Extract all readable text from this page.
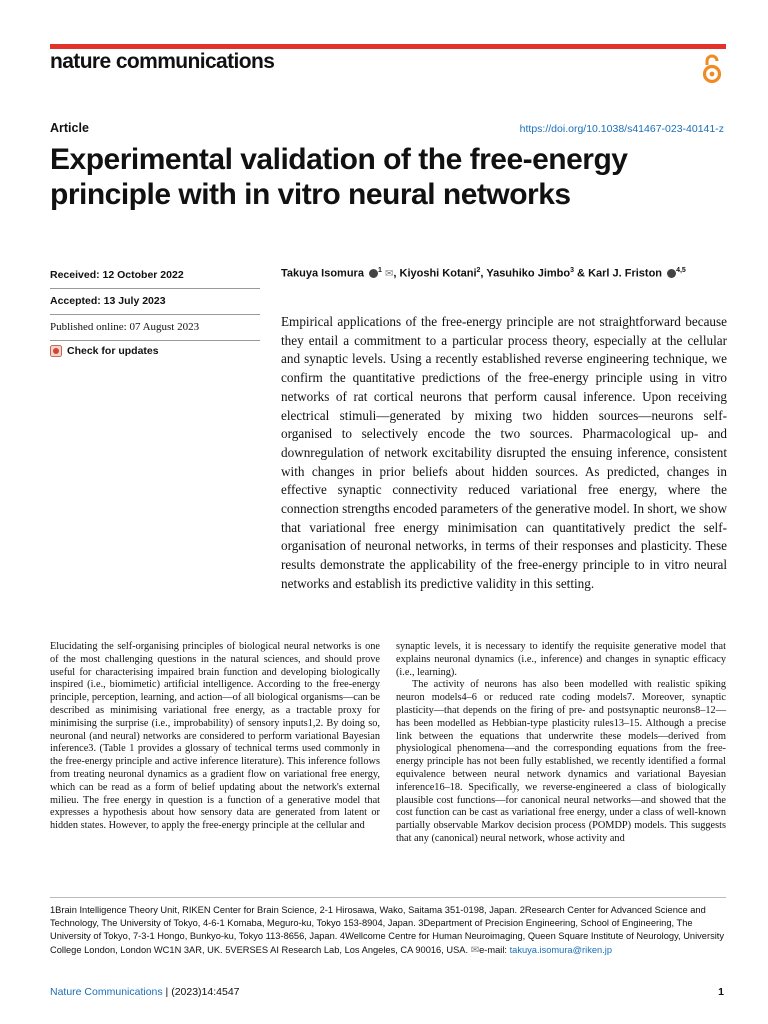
nature communications
Article	https://doi.org/10.1038/s41467-023-40141-z
Experimental validation of the free-energy principle with in vitro neural networks
Received: 12 October 2022
Accepted: 13 July 2023
Published online: 07 August 2023
Check for updates
Takuya Isomura $^1$ ✉, Kiyoshi Kotani$^2$, Yasuhiko Jimbo$^3$ & Karl J. Friston $^{4,5}$

Empirical applications of the free-energy principle are not straightforward because they entail a commitment to a particular process theory, especially at the cellular and synaptic levels. Using a recently established reverse engineering technique, we confirm the quantitative predictions of the free-energy principle using in vitro networks of rat cortical neurons that perform causal inference. Upon receiving electrical stimuli—generated by mixing two hidden sources—neurons self-organised to selectively encode the two sources. Pharmacological up- and downregulation of network excitability disrupted the ensuing inference, consistent with changes in prior beliefs about hidden sources. As predicted, changes in effective synaptic connectivity reduced variational free energy, where the connection strengths encoded parameters of the generative model. In short, we show that variational free energy minimisation can quantitatively predict the self-organisation of neuronal networks, in terms of their responses and plasticity. These results demonstrate the applicability of the free-energy principle to in vitro neural networks and establish its predictive validity in this setting.

Elucidating the self-organising principles of biological neural networks is one of the most challenging questions in the natural sciences, and should prove useful for characterising impaired brain function and developing biologically inspired (i.e., biomimetic) artificial intelligence. According to the free-energy principle, perception, learning, and action—of all biological organisms—can be described as minimising variational free energy, as a tractable proxy for minimising the surprise (i.e., improbability) of sensory inputs1,2. By doing so, neuronal (and neural) networks are considered to perform variational Bayesian inference3. (Table 1 provides a glossary of technical terms used commonly in the free-energy principle and active inference literature). This inference follows from treating neuronal dynamics as a gradient flow on variational free energy, which can be read as a form of belief updating about the network's external milieu. The free energy in question is a function of a generative model that expresses a hypothesis about how sensory data are generated from latent or hidden states. However, to apply the free-energy principle at the cellular and

synaptic levels, it is necessary to identify the requisite generative model that explains neuronal dynamics (i.e., inference) and changes in synaptic efficacy (i.e., learning).

The activity of neurons has also been modelled with realistic spiking neuron models4–6 or reduced rate coding models7. Moreover, synaptic plasticity—that depends on the firing of pre- and postsynaptic neurons8–12—has been modelled as Hebbian-type plasticity rules13–15. Although a precise link between the equations that underwrite these models—derived from physiological phenomena—and the corresponding equations from the free-energy principle has not been fully established, we recently identified a formal equivalence between neural network dynamics and variational Bayesian inference16–18. Specifically, we reverse-engineered a class of biologically plausible cost functions—for canonical neural networks—and showed that the cost function can be cast as variational free energy, under a class of well-known partially observable Markov decision process (POMDP) models. This suggests that any (canonical) neural network, whose activity and

1Brain Intelligence Theory Unit, RIKEN Center for Brain Science, 2-1 Hirosawa, Wako, Saitama 351-0198, Japan. 2Research Center for Advanced Science and Technology, The University of Tokyo, 4-6-1 Komaba, Meguro-ku, Tokyo 153-8904, Japan. 3Department of Precision Engineering, School of Engineering, The University of Tokyo, 7-3-1 Hongo, Bunkyo-ku, Tokyo 113-8656, Japan. 4Wellcome Centre for Human Neuroimaging, Queen Square Institute of Neurology, University College London, London WC1N 3AR, UK. 5VERSES AI Research Lab, Los Angeles, CA 90016, USA. ✉e-mail: takuya.isomura@riken.jp

Nature Communications | (2023)14:4547	1
